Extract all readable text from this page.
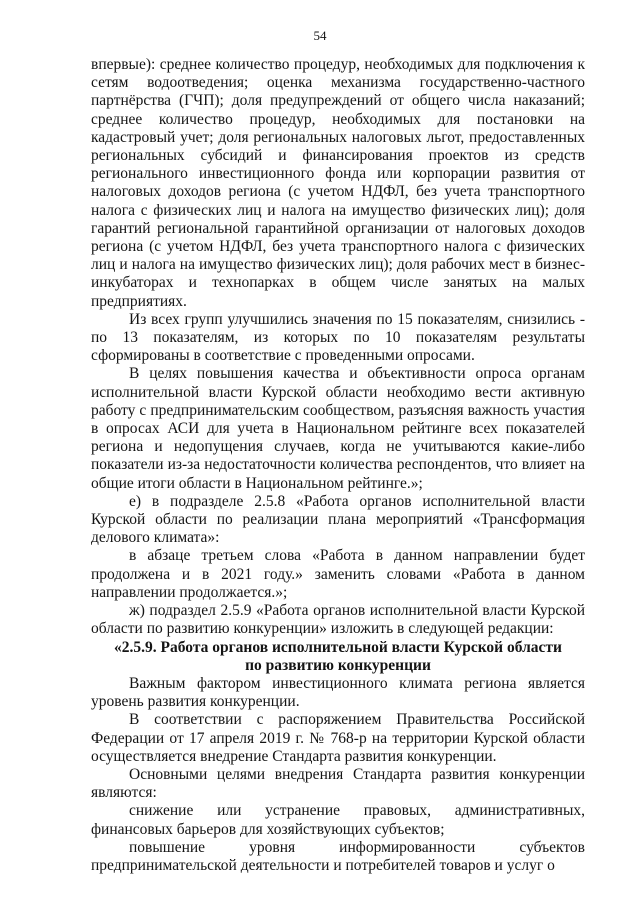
54

впервые): среднее количество процедур, необходимых для подключения к сетям водоотведения; оценка механизма государственно-частного партнёрства (ГЧП); доля предупреждений от общего числа наказаний; среднее количество процедур, необходимых для постановки на кадастровый учет; доля региональных налоговых льгот, предоставленных региональных субсидий и финансирования проектов из средств регионального инвестиционного фонда или корпорации развития от налоговых доходов региона (с учетом НДФЛ, без учета транспортного налога с физических лиц и налога на имущество физических лиц); доля гарантий региональной гарантийной организации от налоговых доходов региона (с учетом НДФЛ, без учета транспортного налога с физических лиц и налога на имущество физических лиц); доля рабочих мест в бизнес-инкубаторах и технопарках в общем числе занятых на малых предприятиях.

Из всех групп улучшились значения по 15 показателям, снизились - по 13 показателям, из которых по 10 показателям результаты сформированы в соответствие с проведенными опросами.

В целях повышения качества и объективности опроса органам исполнительной власти Курской области необходимо вести активную работу с предпринимательским сообществом, разъясняя важность участия в опросах АСИ для учета в Национальном рейтинге всех показателей региона и недопущения случаев, когда не учитываются какие-либо показатели из-за недостаточности количества респондентов, что влияет на общие итоги области в Национальном рейтинге.»;

е) в подразделе 2.5.8 «Работа органов исполнительной власти Курской области по реализации плана мероприятий «Трансформация делового климата»:

в абзаце третьем слова «Работа в данном направлении будет продолжена и в 2021 году.» заменить словами «Работа в данном направлении продолжается.»;

ж) подраздел 2.5.9 «Работа органов исполнительной власти Курской области по развитию конкуренции» изложить в следующей редакции:

«2.5.9. Работа органов исполнительной власти Курской области

по развитию конкуренции

Важным фактором инвестиционного климата региона является уровень развития конкуренции.

В соответствии с распоряжением Правительства Российской Федерации от 17 апреля 2019 г. № 768-р на территории Курской области осуществляется внедрение Стандарта развития конкуренции.

Основными целями внедрения Стандарта развития конкуренции являются:

снижение или устранение правовых, административных, финансовых барьеров для хозяйствующих субъектов;

повышение уровня информированности субъектов предпринимательской деятельности и потребителей товаров и услуг о
